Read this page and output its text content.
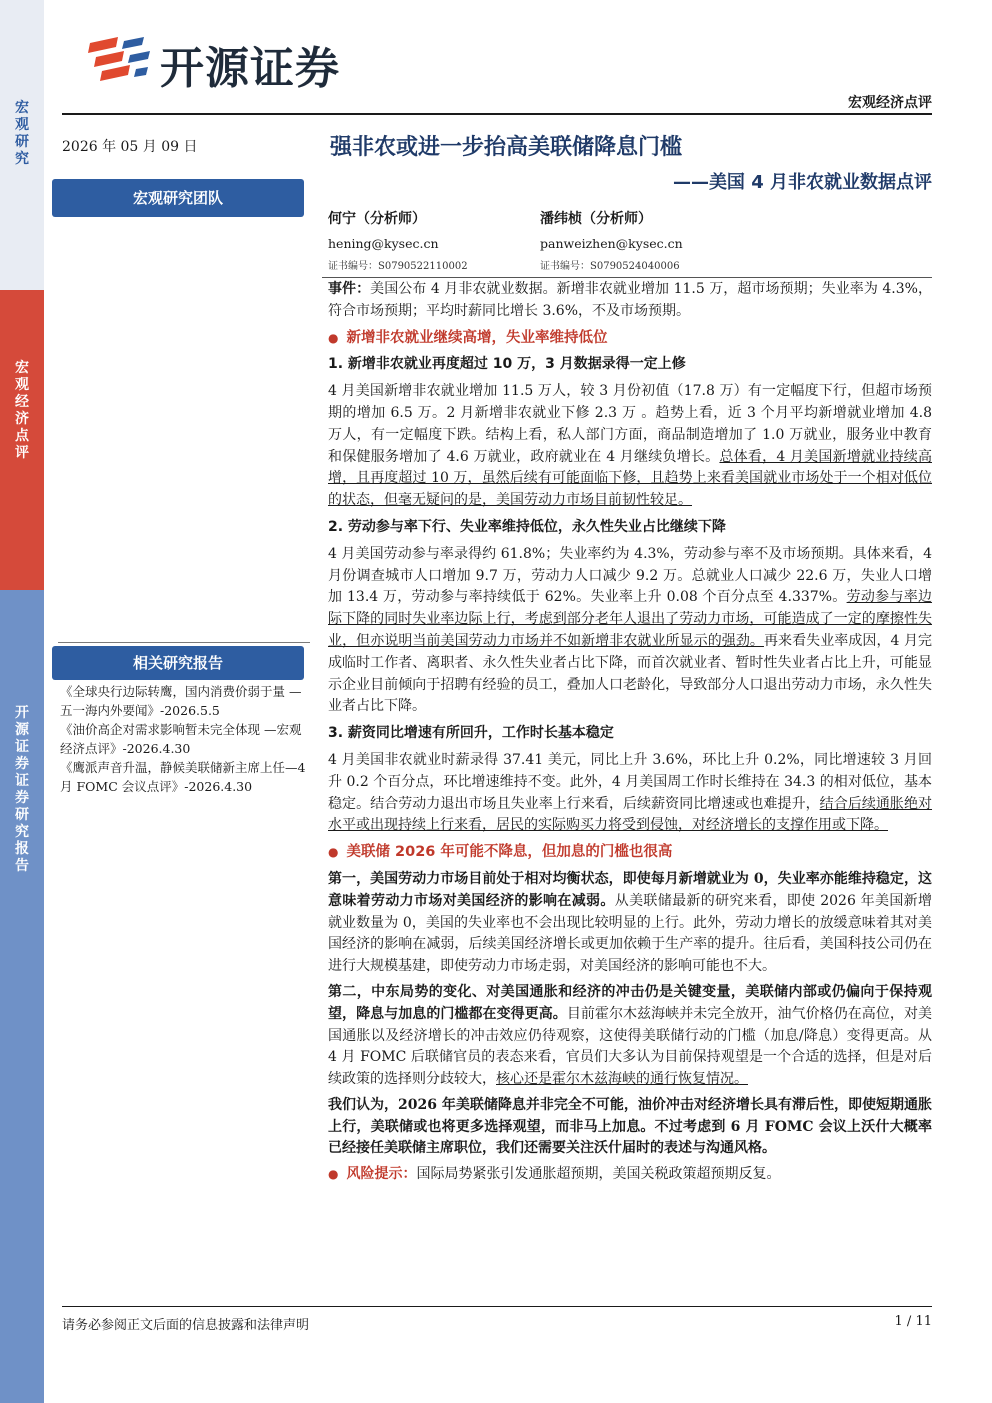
宏观研究
宏观经济点评
开源证券证券研究报告
开源证券
宏观经济点评
2026 年 05 月 09 日	强非农或进一步抬高美联储降息门槛
——美国 4 月非农就业数据点评
宏观研究团队
相关研究报告

《全球央行边际转鹰，国内消费价弱于量 —五一海内外要闻》-2026.5.5

《油价高企对需求影响暂未完全体现 —宏观经济点评》-2026.4.30

《鹰派声音升温，静候美联储新主席上任—4 月 FOMC 会议点评》-2026.4.30

何宁（分析师）
hening@kysec.cn
证书编号：S0790522110002
潘纬桢（分析师）
panweizhen@kysec.cn
证书编号：S0790524040006

事件：美国公布 4 月非农就业数据。新增非农就业增加 11.5 万，超市场预期；失业率为 4.3%，符合市场预期；平均时薪同比增长 3.6%，不及市场预期。

● 新增非农就业继续高增，失业率维持低位
1. 新增非农就业再度超过 10 万，3 月数据录得一定上修

4 月美国新增非农就业增加 11.5 万人，较 3 月份初值（17.8 万）有一定幅度下行，但超市场预期的增加 6.5 万。2 月新增非农就业下修 2.3 万 。趋势上看，近 3 个月平均新增就业增加 4.8 万人，有一定幅度下跌。结构上看，私人部门方面，商品制造增加了 1.0 万就业，服务业中教育和保健服务增加了 4.6 万就业，政府就业在 4 月继续负增长。总体看，4 月美国新增就业持续高增，且再度超过 10 万，虽然后续有可能面临下修，且趋势上来看美国就业市场处于一个相对低位的状态，但毫无疑问的是，美国劳动力市场目前韧性较足。

2. 劳动参与率下行、失业率维持低位，永久性失业占比继续下降

4 月美国劳动参与率录得约 61.8%；失业率约为 4.3%，劳动参与率不及市场预期。具体来看，4 月份调查城市人口增加 9.7 万，劳动力人口减少 9.2 万。总就业人口减少 22.6 万，失业人口增加 13.4 万，劳动参与率持续低于 62%。失业率上升 0.08 个百分点至 4.337%。劳动参与率边际下降的同时失业率边际上行，考虑到部分老年人退出了劳动力市场，可能造成了一定的摩擦性失业，但亦说明当前美国劳动力市场并不如新增非农就业所显示的强劲。再来看失业率成因，4 月完成临时工作者、离职者、永久性失业者占比下降，而首次就业者、暂时性失业者占比上升，可能显示企业目前倾向于招聘有经验的员工，叠加人口老龄化，导致部分人口退出劳动力市场，永久性失业者占比下降。

3. 薪资同比增速有所回升，工作时长基本稳定

4 月美国非农就业时薪录得 37.41 美元，同比上升 3.6%，环比上升 0.2%，同比增速较 3 月回升 0.2 个百分点，环比增速维持不变。此外，4 月美国周工作时长维持在 34.3 的相对低位，基本稳定。结合劳动力退出市场且失业率上行来看，后续薪资同比增速或也难提升，结合后续通胀绝对水平或出现持续上行来看，居民的实际购买力将受到侵蚀，对经济增长的支撑作用或下降。

● 美联储 2026 年可能不降息，但加息的门槛也很高

第一，美国劳动力市场目前处于相对均衡状态，即使每月新增就业为 0，失业率亦能维持稳定，这意味着劳动力市场对美国经济的影响在减弱。从美联储最新的研究来看，即使 2026 年美国新增就业数量为 0，美国的失业率也不会出现比较明显的上行。此外，劳动力增长的放缓意味着其对美国经济的影响在减弱，后续美国经济增长或更加依赖于生产率的提升。往后看，美国科技公司仍在进行大规模基建，即使劳动力市场走弱，对美国经济的影响可能也不大。

第二，中东局势的变化、对美国通胀和经济的冲击仍是关键变量，美联储内部或仍偏向于保持观望，降息与加息的门槛都在变得更高。目前霍尔木兹海峡并未完全放开，油气价格仍在高位，对美国通胀以及经济增长的冲击效应仍待观察，这使得美联储行动的门槛（加息/降息）变得更高。从 4 月 FOMC 后联储官员的表态来看，官员们大多认为目前保持观望是一个合适的选择，但是对后续政策的选择则分歧较大，核心还是霍尔木兹海峡的通行恢复情况。

我们认为，2026 年美联储降息并非完全不可能，油价冲击对经济增长具有滞后性，即使短期通胀上行，美联储或也将更多选择观望，而非马上加息。不过考虑到 6 月 FOMC 会议上沃什大概率已经接任美联储主席职位，我们还需要关注沃什届时的表述与沟通风格。

● 风险提示：国际局势紧张引发通胀超预期，美国关税政策超预期反复。

请务必参阅正文后面的信息披露和法律声明	1 / 11
